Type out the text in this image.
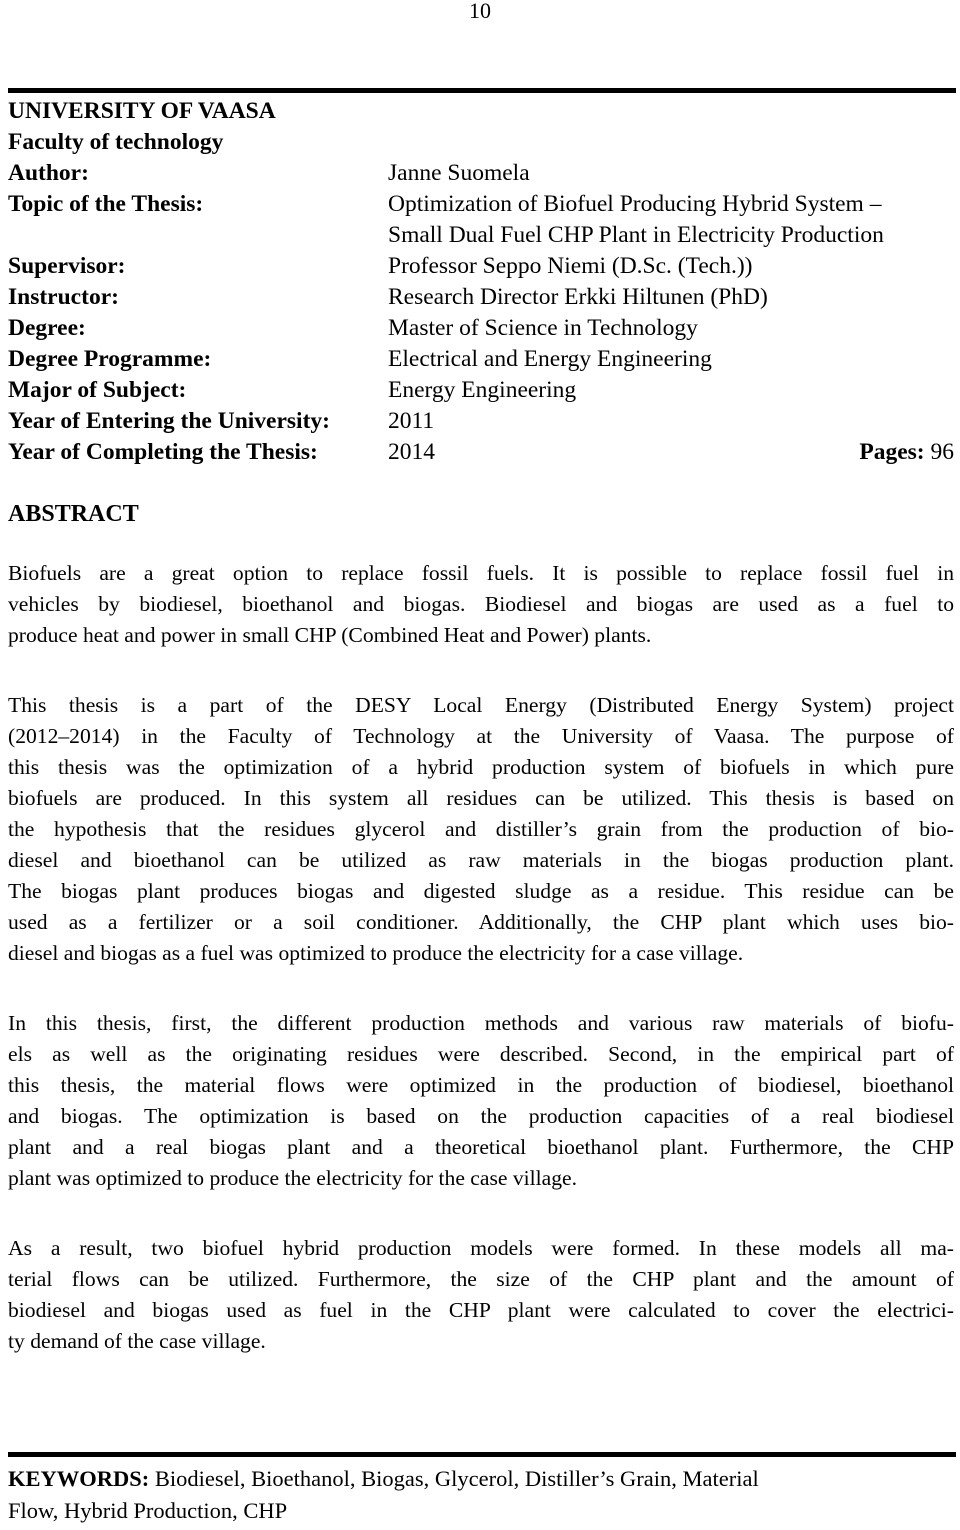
10
UNIVERSITY OF VAASA
Faculty of technology
Author:	Janne Suomela
Topic of the Thesis:	Optimization of Biofuel Producing Hybrid System –
Small Dual Fuel CHP Plant in Electricity Production
Supervisor:	Professor Seppo Niemi (D.Sc. (Tech.))
Instructor:	Research Director Erkki Hiltunen (PhD)
Degree:	Master of Science in Technology
Degree Programme:	Electrical and Energy Engineering
Major of Subject:	Energy Engineering
Year of Entering the University: 2011
Year of Completing the Thesis:	2014	Pages: 96
ABSTRACT

Biofuels are a great option to replace fossil fuels. It is possible to replace fossil fuel in
vehicles by biodiesel, bioethanol and biogas. Biodiesel and biogas are used as a fuel to
produce heat and power in small CHP (Combined Heat and Power) plants.

This thesis is a part of the DESY Local Energy (Distributed Energy System) project
(2012–2014) in the Faculty of Technology at the University of Vaasa. The purpose of
this thesis was the optimization of a hybrid production system of biofuels in which pure
biofuels are produced. In this system all residues can be utilized. This thesis is based on
the hypothesis that the residues glycerol and distiller’s grain from the production of bio-
diesel and bioethanol can be utilized as raw materials in the biogas production plant.
The biogas plant produces biogas and digested sludge as a residue. This residue can be
used as a fertilizer or a soil conditioner. Additionally, the CHP plant which uses bio-
diesel and biogas as a fuel was optimized to produce the electricity for a case village.

In this thesis, first, the different production methods and various raw materials of biofu-
els as well as the originating residues were described. Second, in the empirical part of
this thesis, the material flows were optimized in the production of biodiesel, bioethanol
and biogas. The optimization is based on the production capacities of a real biodiesel
plant and a real biogas plant and a theoretical bioethanol plant. Furthermore, the CHP
plant was optimized to produce the electricity for the case village.

As a result, two biofuel hybrid production models were formed. In these models all ma-
terial flows can be utilized. Furthermore, the size of the CHP plant and the amount of
biodiesel and biogas used as fuel in the CHP plant were calculated to cover the electrici-
ty demand of the case village.

KEYWORDS: Biodiesel, Bioethanol, Biogas, Glycerol, Distiller’s Grain, Material
Flow, Hybrid Production, CHP
